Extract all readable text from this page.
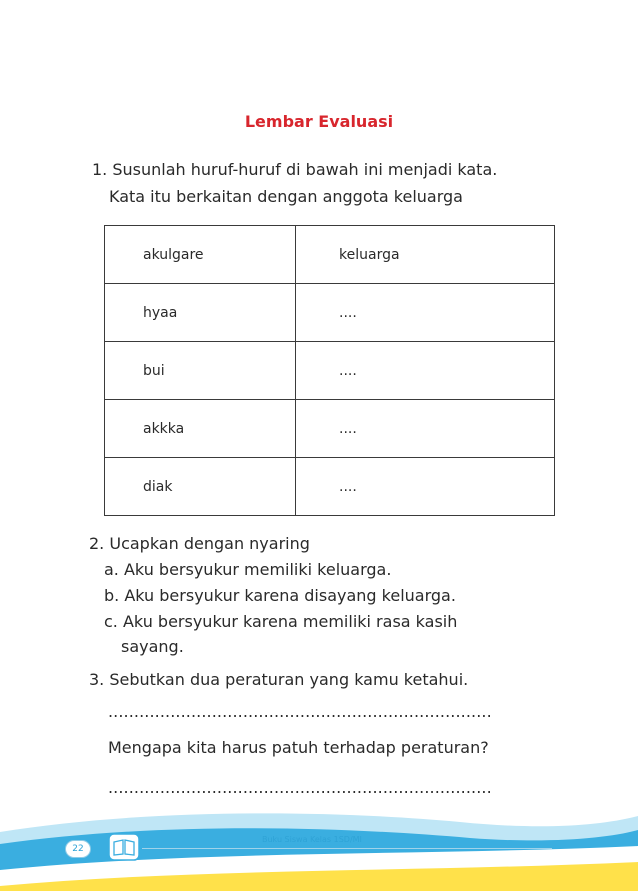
Lembar Evaluasi
1. Susunlah huruf-huruf di bawah ini menjadi kata.
Kata itu berkaitan dengan anggota keluarga
akulgare	keluarga
hyaa	....
bui	....
akkka	....
diak	....
2. Ucapkan dengan nyaring
a. Aku bersyukur memiliki keluarga.
b. Aku bersyukur karena disayang keluarga.
c. Aku bersyukur karena memiliki rasa kasih
sayang.
3. Sebutkan dua peraturan yang kamu ketahui.
..........................................................................
Mengapa kita harus patuh terhadap peraturan?
..........................................................................
22
Buku Siswa Kelas 1SD/MI
